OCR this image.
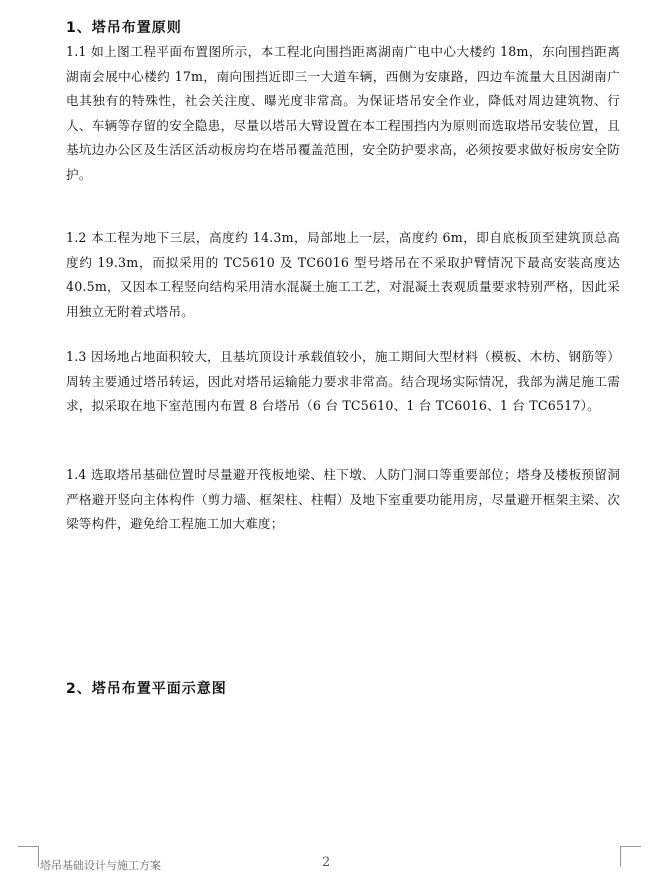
1、塔吊布置原则
1.1 如上图工程平面布置图所示，本工程北向围挡距离湖南广电中心大楼约 18m，东向围挡距离湖南会展中心楼约 17m，南向围挡近即三一大道车辆，西侧为安康路，四边车流量大且因湖南广电其独有的特殊性，社会关注度、曝光度非常高。为保证塔吊安全作业，降低对周边建筑物、行人、车辆等存留的安全隐患，尽量以塔吊大臂设置在本工程围挡内为原则而选取塔吊安装位置，且基坑边办公区及生活区活动板房均在塔吊覆盖范围，安全防护要求高，必须按要求做好板房安全防护。
1.2 本工程为地下三层，高度约 14.3m，局部地上一层，高度约 6m，即自底板顶至建筑顶总高度约 19.3m，而拟采用的 TC5610 及 TC6016 型号塔吊在不采取护臂情况下最高安装高度达 40.5m，又因本工程竖向结构采用清水混凝土施工工艺，对混凝土表观质量要求特别严格，因此采用独立无附着式塔吊。
1.3 因场地占地面积较大，且基坑顶设计承载值较小，施工期间大型材料（模板、木枋、钢筋等）周转主要通过塔吊转运，因此对塔吊运输能力要求非常高。结合现场实际情况，我部为满足施工需求，拟采取在地下室范围内布置 8 台塔吊（6 台 TC5610、1 台 TC6016、1 台 TC6517）。
1.4 选取塔吊基础位置时尽量避开筏板地梁、柱下墩、人防门洞口等重要部位；塔身及楼板预留洞严格避开竖向主体构件（剪力墙、框架柱、柱帽）及地下室重要功能用房，尽量避开框架主梁、次梁等构件，避免给工程施工加大难度；
2、塔吊布置平面示意图
塔吊基础设计与施工方案	2
